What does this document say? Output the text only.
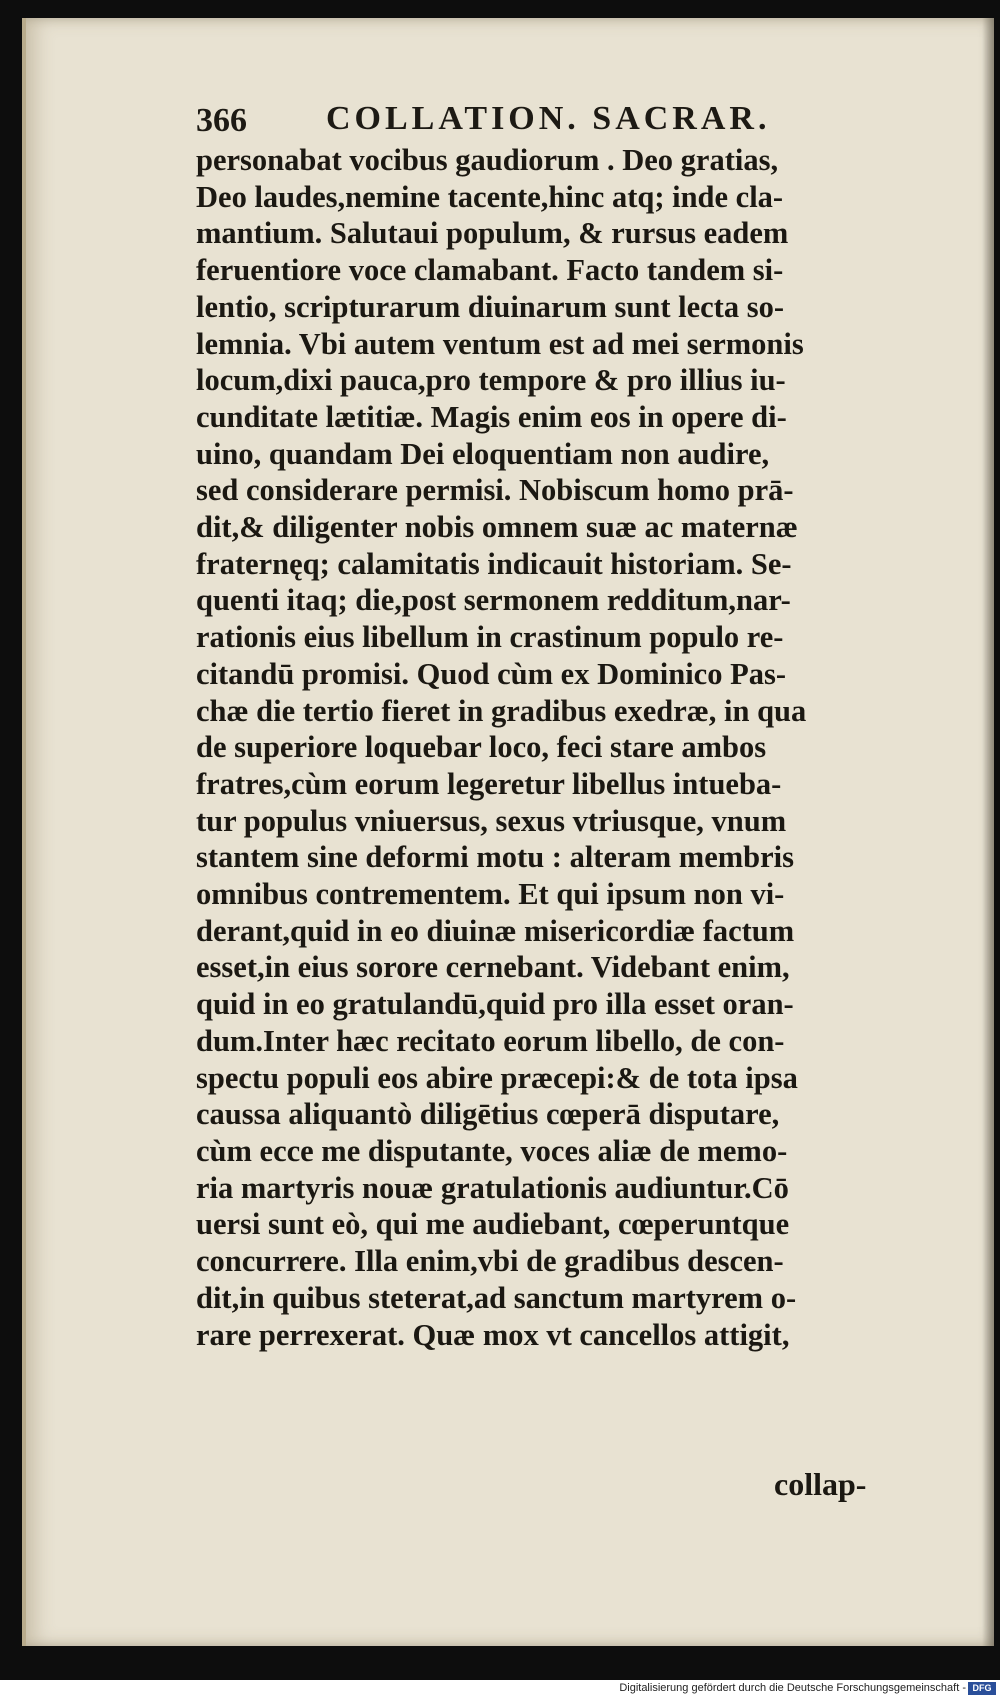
366 COLLATION. SACRAR.
personabat vocibus gaudiorum . Deo gratias,
Deo laudes,nemine tacente,hinc atq; inde cla-
mantium. Salutaui populum, & rursus eadem
feruentiore voce clamabant. Facto tandem si-
lentio, scripturarum diuinarum sunt lecta so-
lemnia. Vbi autem ventum est ad mei sermonis
locum,dixi pauca,pro tempore & pro illius iu-
cunditate lætitiæ. Magis enim eos in opere di-
uino, quandam Dei eloquentiam non audire,
sed considerare permisi. Nobiscum homo prā-
dit,& diligenter nobis omnem suæ ac maternæ
fraternęq; calamitatis indicauit historiam. Se-
quenti itaq; die,post sermonem redditum,nar-
rationis eius libellum in crastinum populo re-
citandū promisi. Quod cùm ex Dominico Pas-
chæ die tertio fieret in gradibus exedræ, in qua
de superiore loquebar loco, feci stare ambos
fratres,cùm eorum legeretur libellus intueba-
tur populus vniuersus, sexus vtriusque, vnum
stantem sine deformi motu : alteram membris
omnibus contrementem. Et qui ipsum non vi-
derant,quid in eo diuinæ misericordiæ factum
esset,in eius sorore cernebant. Videbant enim,
quid in eo gratulandū,quid pro illa esset oran-
dum.Inter hæc recitato eorum libello, de con-
spectu populi eos abire præcepi:& de tota ipsa
caussa aliquantò diligētius cœperā disputare,
cùm ecce me disputante, voces aliæ de memo-
ria martyris nouæ gratulationis audiuntur.Cō
uersi sunt eò, qui me audiebant, cœperuntque
concurrere. Illa enim,vbi de gradibus descen-
dit,in quibus steterat,ad sanctum martyrem o-
rare perrexerat. Quæ mox vt cancellos attigit,
collap-
Digitalisierung gefördert durch die Deutsche Forschungsgemeinschaft - DFG
